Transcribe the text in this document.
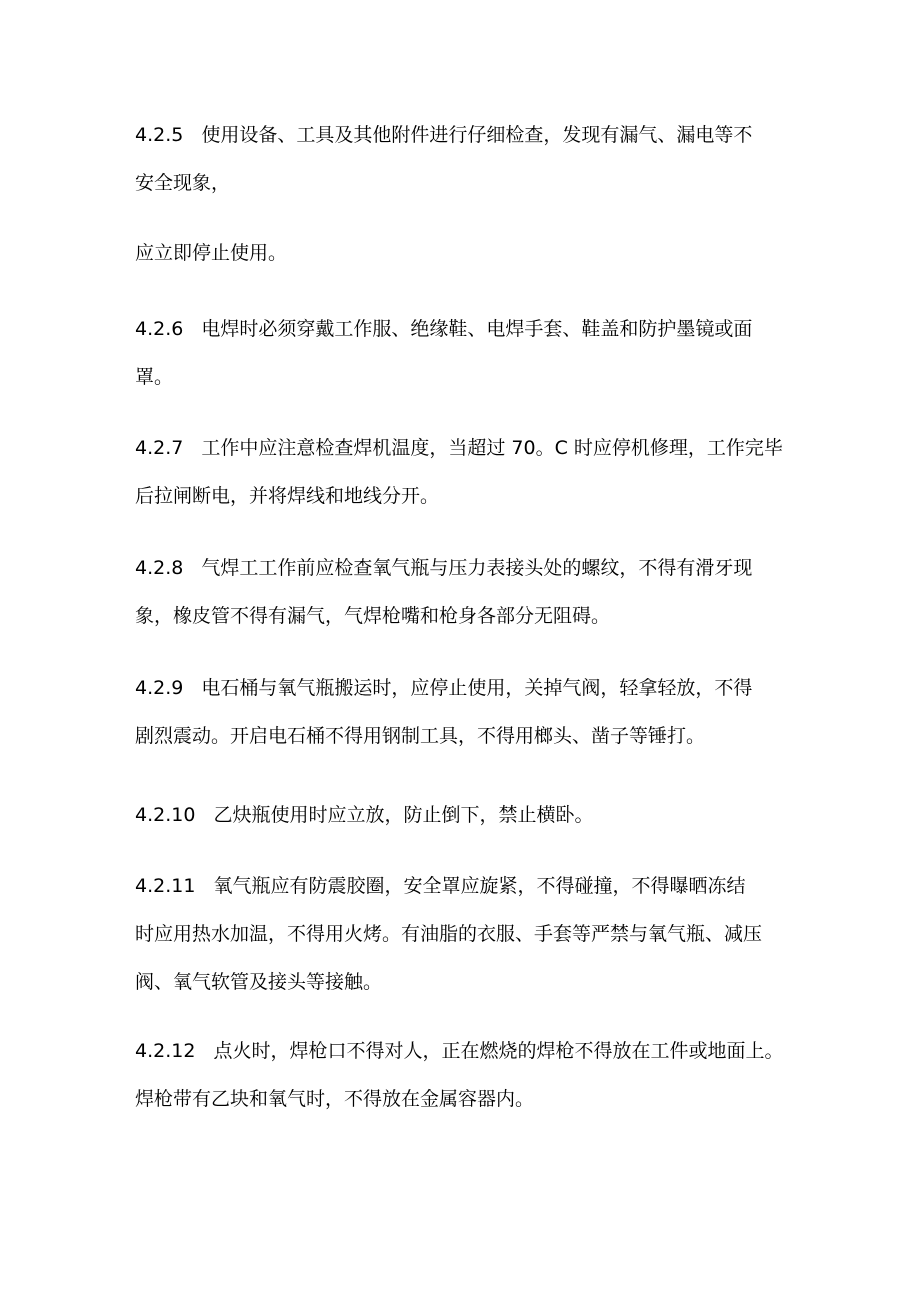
4.2.5 使用设备、工具及其他附件进行仔细检查，发现有漏气、漏电等不
安全现象，

应立即停止使用。

4.2.6 电焊时必须穿戴工作服、绝缘鞋、电焊手套、鞋盖和防护墨镜或面
罩。

4.2.7 工作中应注意检查焊机温度，当超过 70。C 时应停机修理，工作完毕
后拉闸断电，并将焊线和地线分开。

4.2.8 气焊工工作前应检查氧气瓶与压力表接头处的螺纹，不得有滑牙现
象，橡皮管不得有漏气，气焊枪嘴和枪身各部分无阻碍。

4.2.9 电石桶与氧气瓶搬运时，应停止使用，关掉气阀，轻拿轻放，不得
剧烈震动。开启电石桶不得用钢制工具，不得用榔头、凿子等锤打。

4.2.10 乙炔瓶使用时应立放，防止倒下，禁止横卧。

4.2.11 氧气瓶应有防震胶圈，安全罩应旋紧，不得碰撞，不得曝晒冻结
时应用热水加温，不得用火烤。有油脂的衣服、手套等严禁与氧气瓶、减压
阀、氧气软管及接头等接触。

4.2.12 点火时，焊枪口不得对人，正在燃烧的焊枪不得放在工件或地面上。
焊枪带有乙块和氧气时，不得放在金属容器内。
